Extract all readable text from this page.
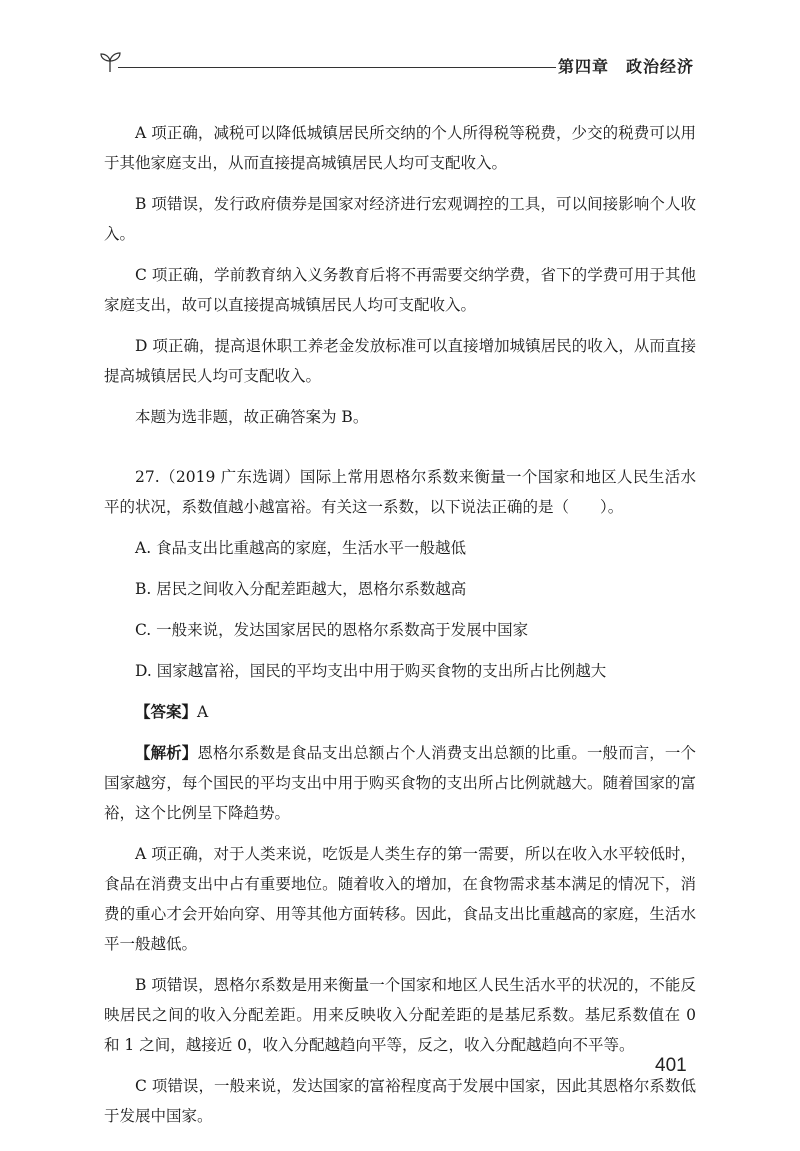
第四章　政治经济

A 项正确，减税可以降低城镇居民所交纳的个人所得税等税费，少交的税费可以用于其他家庭支出，从而直接提高城镇居民人均可支配收入。

B 项错误，发行政府债券是国家对经济进行宏观调控的工具，可以间接影响个人收入。

C 项正确，学前教育纳入义务教育后将不再需要交纳学费，省下的学费可用于其他家庭支出，故可以直接提高城镇居民人均可支配收入。

D 项正确，提高退休职工养老金发放标准可以直接增加城镇居民的收入，从而直接提高城镇居民人均可支配收入。

本题为选非题，故正确答案为 B。

27.（2019 广东选调）国际上常用恩格尔系数来衡量一个国家和地区人民生活水平的状况，系数值越小越富裕。有关这一系数，以下说法正确的是（　　）。

A. 食品支出比重越高的家庭，生活水平一般越低

B. 居民之间收入分配差距越大，恩格尔系数越高

C. 一般来说，发达国家居民的恩格尔系数高于发展中国家

D. 国家越富裕，国民的平均支出中用于购买食物的支出所占比例越大

【答案】A

【解析】恩格尔系数是食品支出总额占个人消费支出总额的比重。一般而言，一个国家越穷，每个国民的平均支出中用于购买食物的支出所占比例就越大。随着国家的富裕，这个比例呈下降趋势。

A 项正确，对于人类来说，吃饭是人类生存的第一需要，所以在收入水平较低时，食品在消费支出中占有重要地位。随着收入的增加，在食物需求基本满足的情况下，消费的重心才会开始向穿、用等其他方面转移。因此，食品支出比重越高的家庭，生活水平一般越低。

B 项错误，恩格尔系数是用来衡量一个国家和地区人民生活水平的状况的，不能反映居民之间的收入分配差距。用来反映收入分配差距的是基尼系数。基尼系数值在 0 和 1 之间，越接近 0，收入分配越趋向平等，反之，收入分配越趋向不平等。

C 项错误，一般来说，发达国家的富裕程度高于发展中国家，因此其恩格尔系数低于发展中国家。

401
